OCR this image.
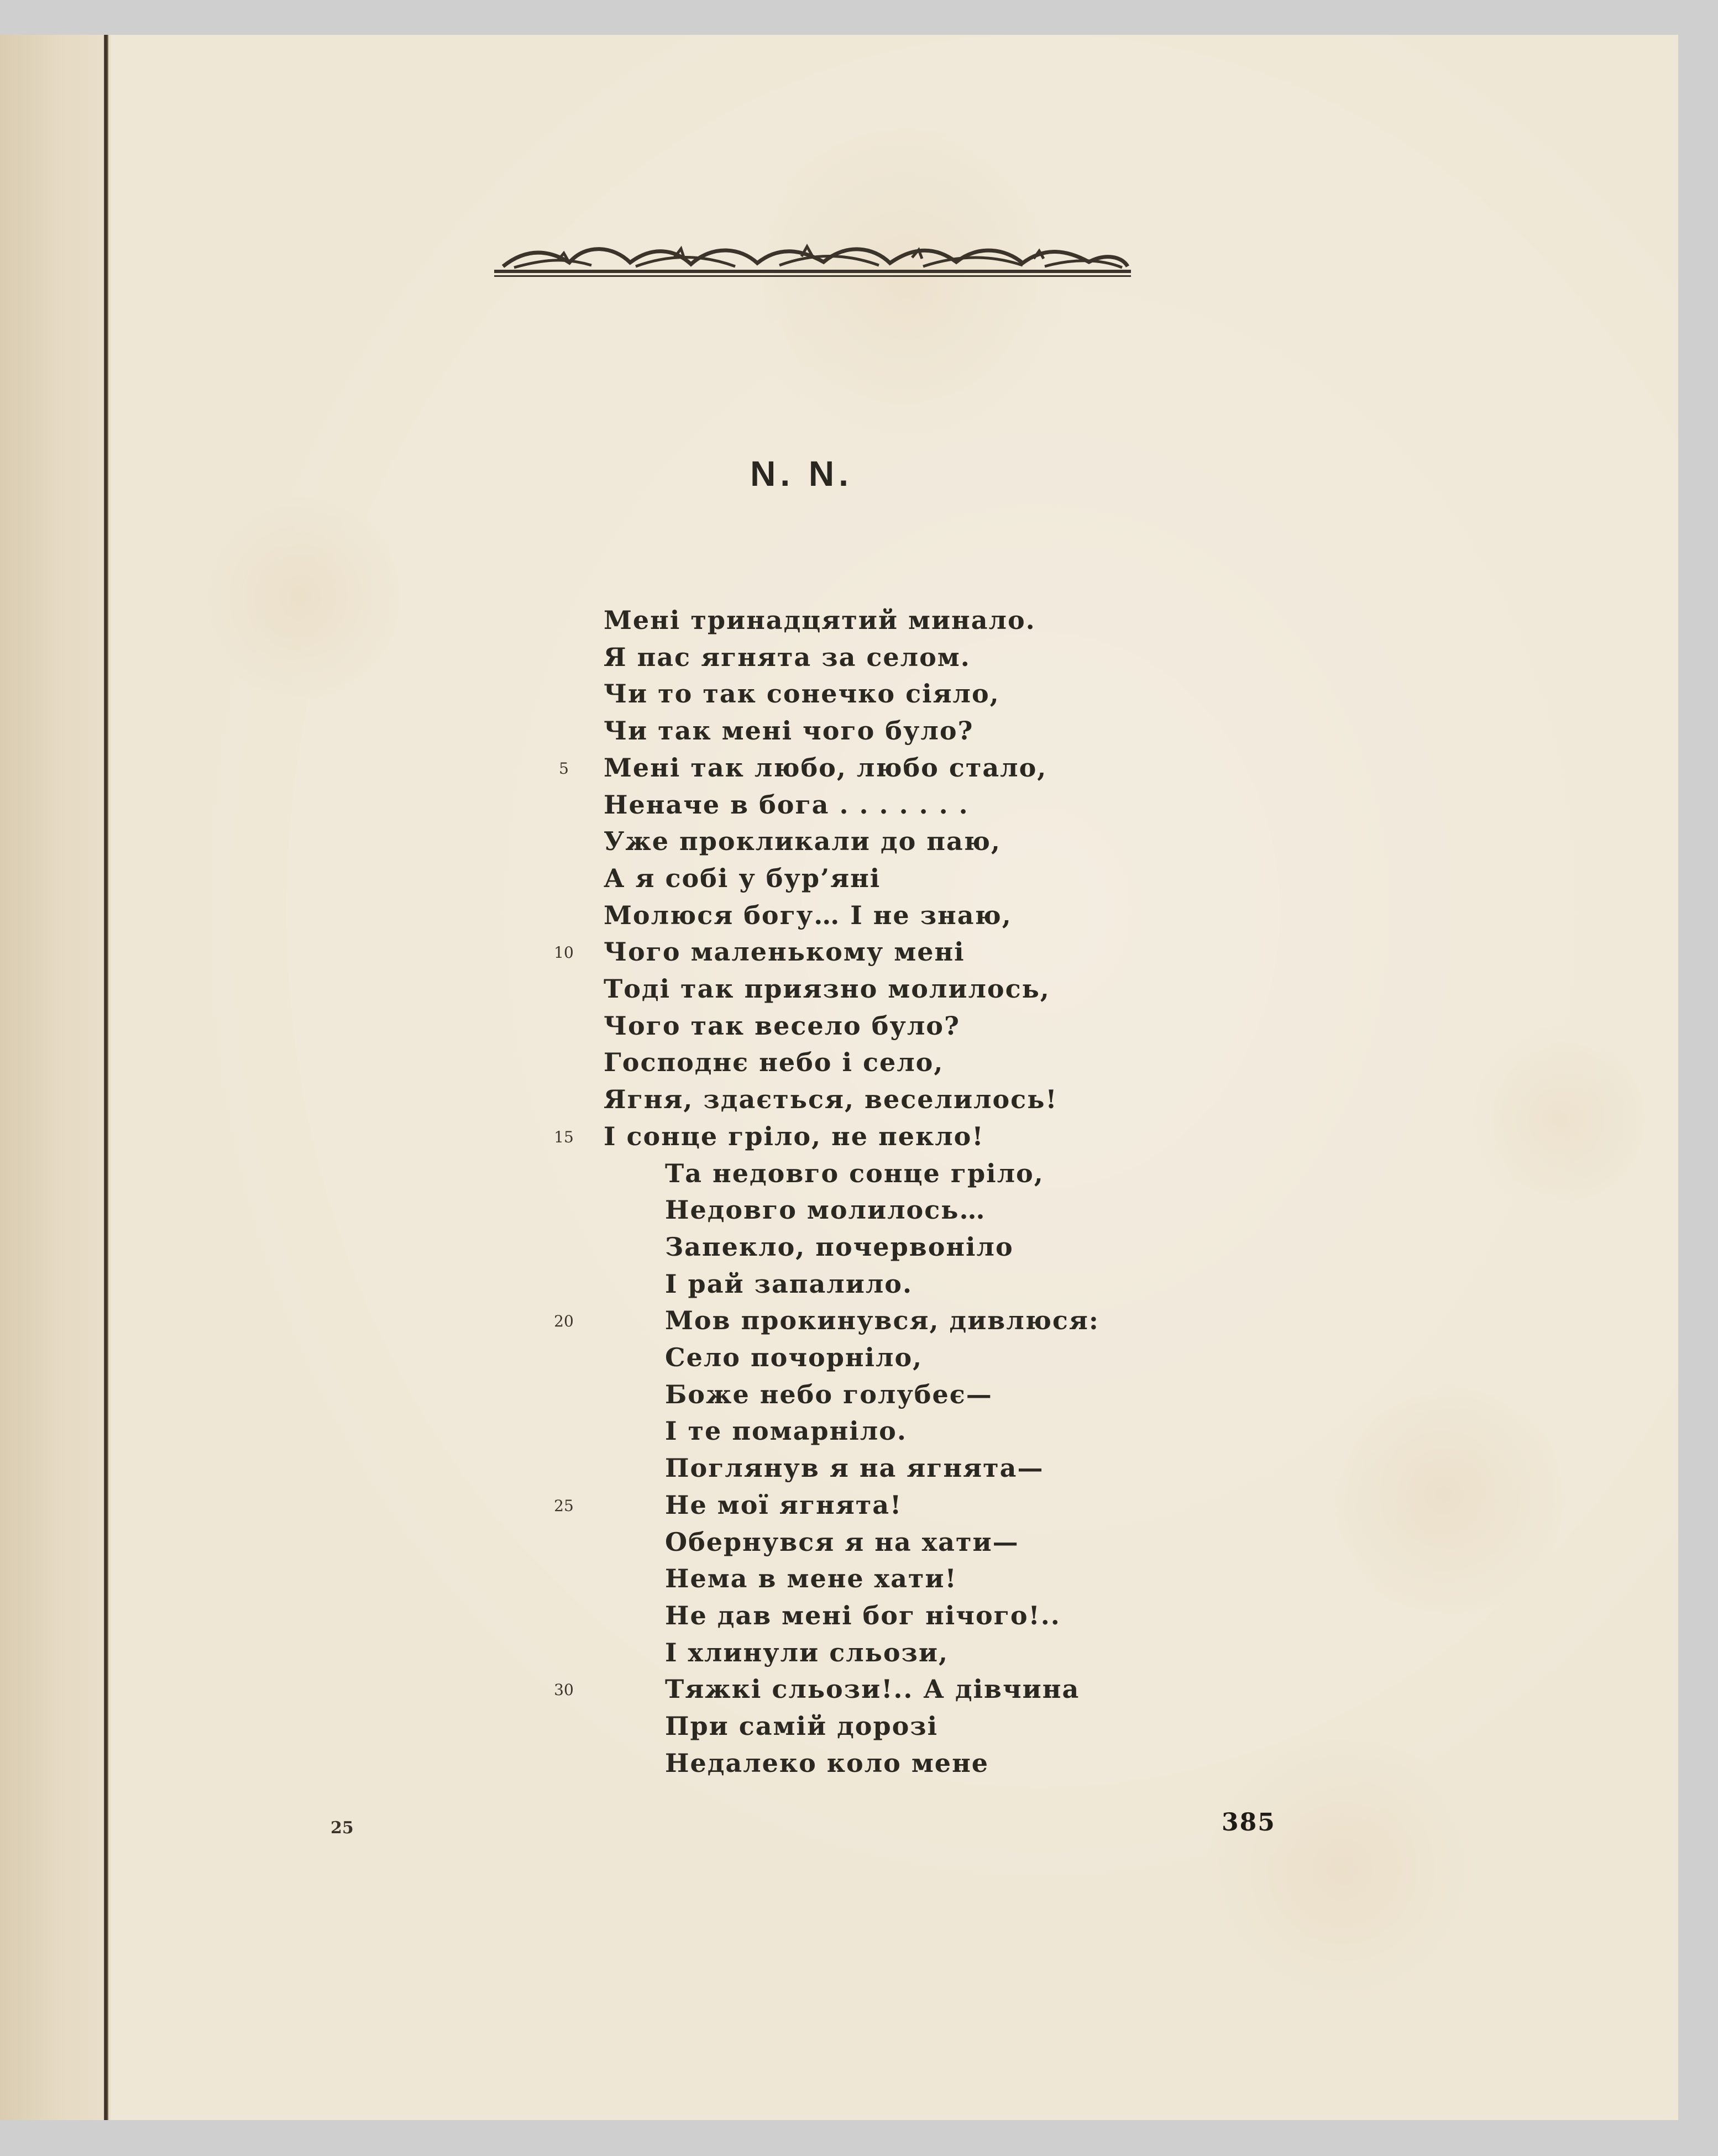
N. N.
Мені тринадцятий минало.
Я пас ягнята за селом.
Чи то так сонечко сіяло,
Чи так мені чого було?
Мені так любо, любо стало,
Неначе в бога . . . . . . .
Уже прокликали до паю,
А я собі у бур’яні
Молюся богу… І не знаю,
Чого маленькому мені
Тоді так приязно молилось,
Чого так весело було?
Господнє небо і село,
Ягня, здається, веселилось!
І сонце гріло, не пекло!
Та недовго сонце гріло,
Недовго молилось…
Запекло, почервоніло
І рай запалило.
Мов прокинувся, дивлюся:
Село почорніло,
Боже небо голубеє—
І те помарніло.
Поглянув я на ягнята—
Не мої ягнята!
Обернувся я на хати—
Нема в мене хати!
Не дав мені бог нічого!..
І хлинули сльози,
Тяжкі сльози!.. А дівчина
При самій дорозі
Недалеко коло мене
5
10
15
20
25
30
25	385
